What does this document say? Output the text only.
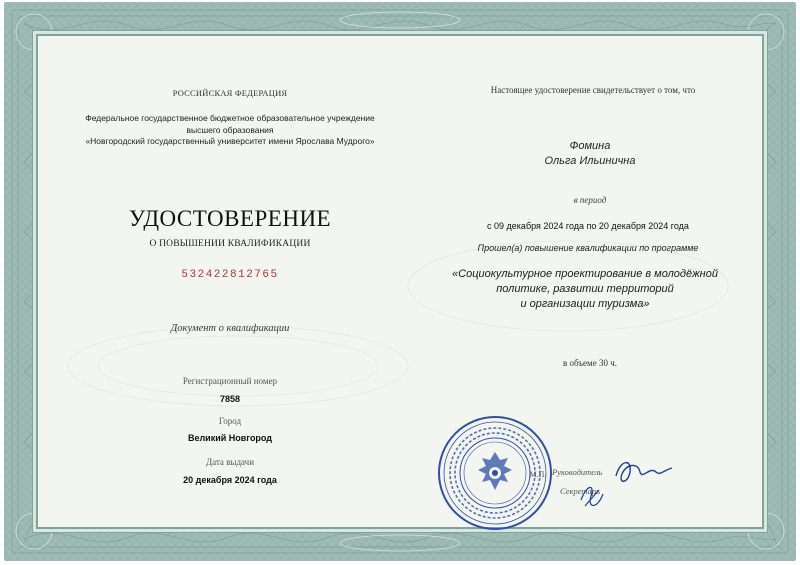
РОССИЙСКАЯ ФЕДЕРАЦИЯ
Федеральное государственное бюджетное образовательное учреждение
высшего образования
«Новгородский государственный университет имени Ярослава Мудрого»
УДОСТОВЕРЕНИЕ
О ПОВЫШЕНИИ КВАЛИФИКАЦИИ
532422812765
Документ о квалификации
Регистрационный номер
7858
Город
Великий Новгород
Дата выдачи
20 декабря 2024 года
Настоящее удостоверение свидетельствует о том, что
Фомина
Ольга Ильинична
в период
с 09 декабря 2024 года по 20 декабря 2024 года
Прошел(а) повышение квалификации по программе
«Социокультурное проектирование в молодёжной
политике, развитии территорий
и организации туризма»
в объеме 30 ч.
Руководитель
Секретарь
М.П.
